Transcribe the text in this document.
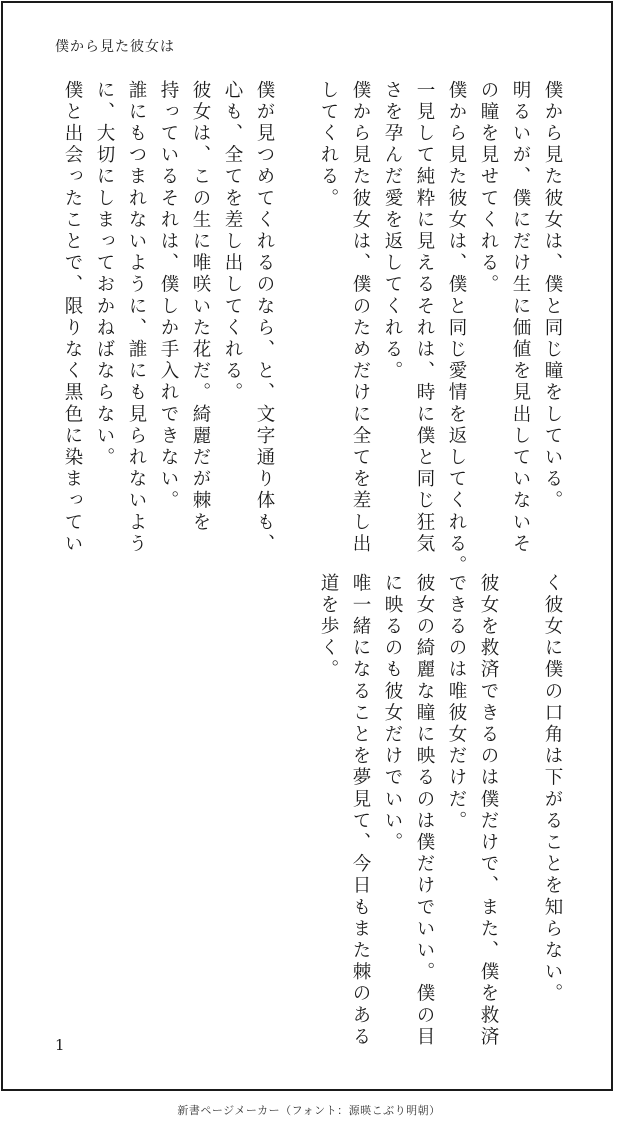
僕から見た彼女は
僕から見た彼女は、僕と同じ瞳をしている。
明るいが、僕にだけ生に価値を見出していないそ
の瞳を見せてくれる。
僕から見た彼女は、僕と同じ愛情を返してくれる。
一見して純粋に見えるそれは、時に僕と同じ狂気
さを孕んだ愛を返してくれる。
僕から見た彼女は、僕のためだけに全てを差し出
してくれる。

僕が見つめてくれるのなら、と、文字通り体も、
心も、全てを差し出してくれる。
彼女は、この生に唯咲いた花だ。綺麗だが棘を
持っているそれは、僕しか手入れできない。
誰にもつまれないように、誰にも見られないよう
に、大切にしまっておかねばならない。
僕と出会ったことで、限りなく黒色に染まってい
く彼女に僕の口角は下がることを知らない。

彼女を救済できるのは僕だけで、また、僕を救済
できるのは唯彼女だけだ。
彼女の綺麗な瞳に映るのは僕だけでいい。僕の目
に映るのも彼女だけでいい。
唯一緒になることを夢見て、今日もまた棘のある
道を歩く。
1
新書ページメーカー（フォント：源暎こぶり明朝）
